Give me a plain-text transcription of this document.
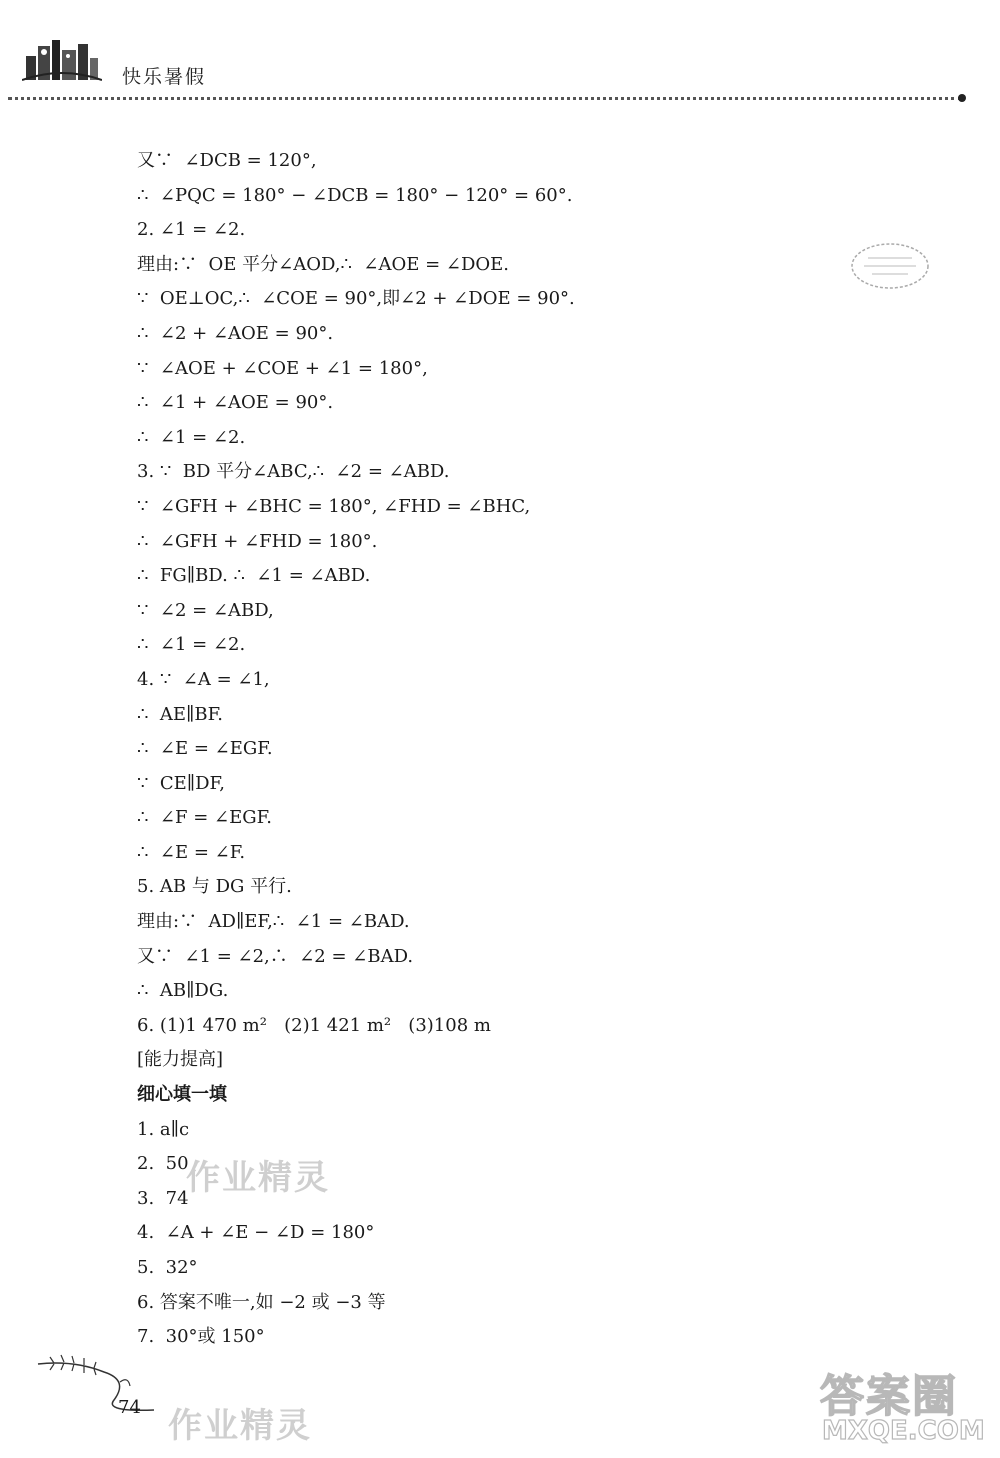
快乐暑假
又∵  ∠DCB = 120°,
∴  ∠PQC = 180° − ∠DCB = 180° − 120° = 60°.
2. ∠1 = ∠2.
理由:∵  OE 平分∠AOD,∴  ∠AOE = ∠DOE.
∵  OE⊥OC,∴  ∠COE = 90°,即∠2 + ∠DOE = 90°.
∴  ∠2 + ∠AOE = 90°.
∵  ∠AOE + ∠COE + ∠1 = 180°,
∴  ∠1 + ∠AOE = 90°.
∴  ∠1 = ∠2.
3. ∵  BD 平分∠ABC,∴  ∠2 = ∠ABD.
∵  ∠GFH + ∠BHC = 180°, ∠FHD = ∠BHC,
∴  ∠GFH + ∠FHD = 180°.
∴  FG∥BD. ∴  ∠1 = ∠ABD.
∵  ∠2 = ∠ABD,
∴  ∠1 = ∠2.
4. ∵  ∠A = ∠1,
∴  AE∥BF.
∴  ∠E = ∠EGF.
∵  CE∥DF,
∴  ∠F = ∠EGF.
∴  ∠E = ∠F.
5. AB 与 DG 平行.
理由:∵  AD∥EF,∴  ∠1 = ∠BAD.
又∵  ∠1 = ∠2,∴  ∠2 = ∠BAD.
∴  AB∥DG.
6. (1)1 470 m²   (2)1 421 m²   (3)108 m
[能力提高]
细心填一填
1. a∥c
2.  50
3.  74
4.  ∠A + ∠E − ∠D = 180°
5.  32°
6. 答案不唯一,如 −2 或 −3 等
7.  30°或 150°
作业精灵
作业精灵
74	答案圈
MXQE.COM
